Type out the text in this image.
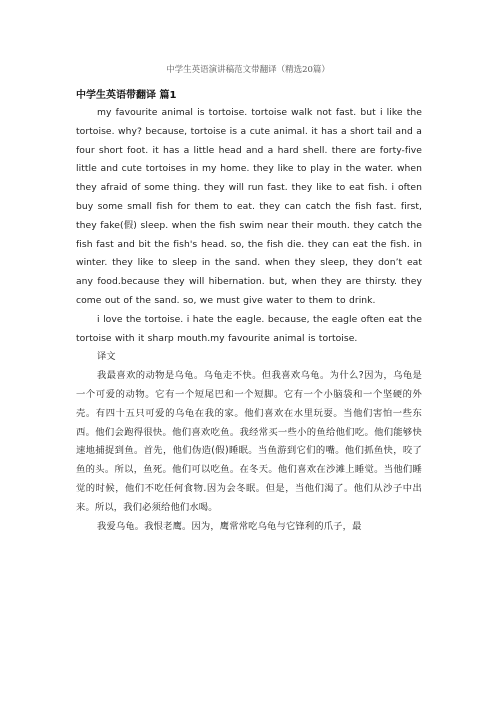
中学生英语演讲稿范文带翻译（精选20篇）
中学生英语带翻译 篇1

my favourite animal is tortoise. tortoise walk not fast. but i like the tortoise. why? because, tortoise is a cute animal. it has a short tail and a four short foot. it has a little head and a hard shell. there are forty-five little and cute tortoises in my home. they like to play in the water. when they afraid of some thing. they will run fast. they like to eat fish. i often buy some small fish for them to eat. they can catch the fish fast. first, they fake(假) sleep. when the fish swim near their mouth. they catch the fish fast and bit the fish's head. so, the fish die. they can eat the fish. in winter. they like to sleep in the sand. when they sleep, they don’t eat any food.because they will hibernation. but, when they are thirsty. they come out of the sand. so, we must give water to them to drink.

i love the tortoise. i hate the eagle. because, the eagle often eat the tortoise with it sharp mouth.my favourite animal is tortoise.

译文

我最喜欢的动物是乌龟。乌龟走不快。但我喜欢乌龟。为什么?因为，乌龟是一个可爱的动物。它有一个短尾巴和一个短脚。它有一个小脑袋和一个坚硬的外壳。有四十五只可爱的乌龟在我的家。他们喜欢在水里玩耍。当他们害怕一些东西。他们会跑得很快。他们喜欢吃鱼。我经常买一些小的鱼给他们吃。他们能够快速地捕捉到鱼。首先，他们伪造(假)睡眠。当鱼游到它们的嘴。他们抓鱼快，咬了鱼的头。所以，鱼死。他们可以吃鱼。在冬天。他们喜欢在沙滩上睡觉。当他们睡觉的时候，他们不吃任何食物.因为会冬眠。但是，当他们渴了。他们从沙子中出来。所以，我们必须给他们水喝。

我爱乌龟。我恨老鹰。因为，鹰常常吃乌龟与它锋利的爪子，最
